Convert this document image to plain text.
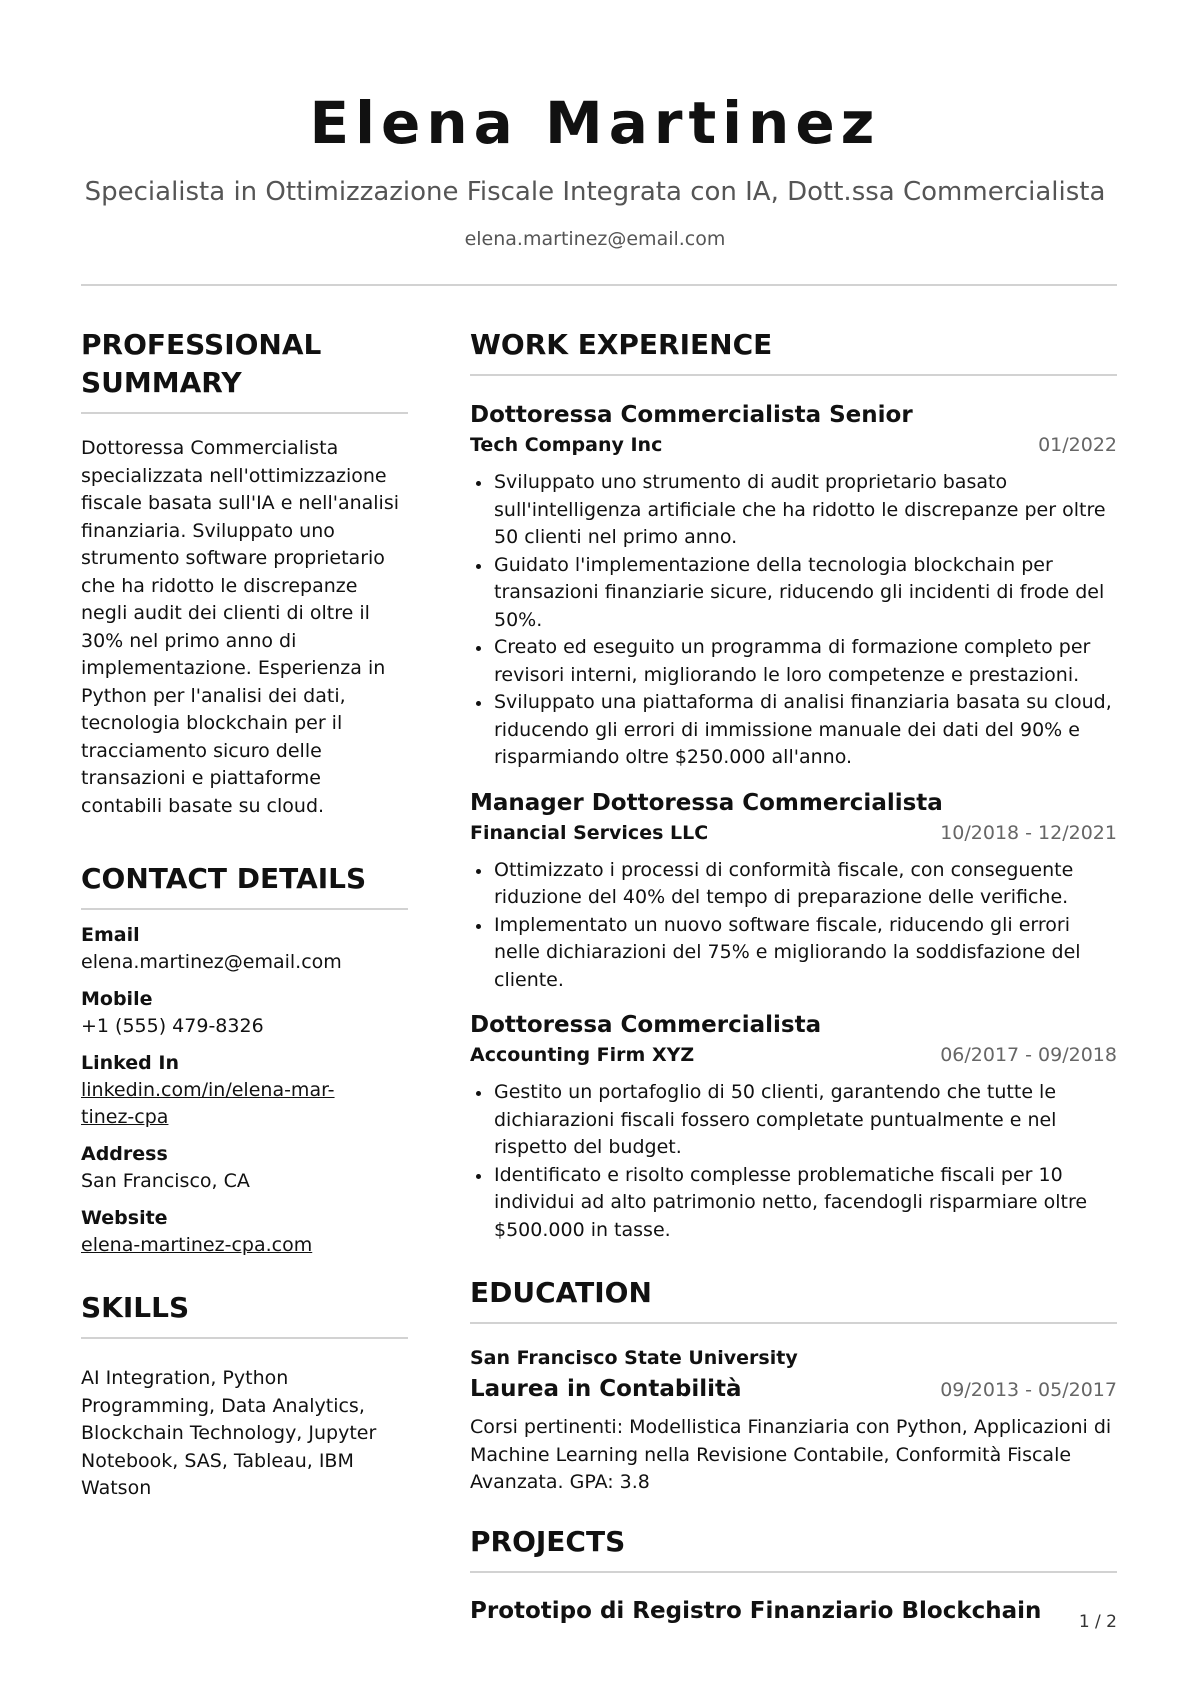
Elena Martinez
Specialista in Ottimizzazione Fiscale Integrata con IA, Dott.ssa Commercialista
elena.martinez@email.com
PROFESSIONAL SUMMARY
Dottoressa Commercialista specializzata nell'ottimizzazione fiscale basata sull'IA e nell'analisi finanziaria. Sviluppato uno strumento software proprietario che ha ridotto le discrepanze negli audit dei clienti di oltre il 30% nel primo anno di implementazione. Esperienza in Python per l'analisi dei dati, tecnologia blockchain per il tracciamento sicuro delle transazioni e piattaforme contabili basate su cloud.
CONTACT DETAILS
Email
elena.martinez@email.com
Mobile
+1 (555) 479-8326
Linked In
linkedin.com/in/elena-mar-tinez-cpa
Address
San Francisco, CA
Website
elena-martinez-cpa.com
SKILLS
AI Integration, Python Programming, Data Analytics, Blockchain Technology, Jupyter Notebook, SAS, Tableau, IBM Watson
WORK EXPERIENCE
Dottoressa Commercialista Senior
Tech Company Inc	01/2022
Sviluppato uno strumento di audit proprietario basato sull'intelligenza artificiale che ha ridotto le discrepanze per oltre 50 clienti nel primo anno.
Guidato l'implementazione della tecnologia blockchain per transazioni finanziarie sicure, riducendo gli incidenti di frode del 50%.
Creato ed eseguito un programma di formazione completo per revisori interni, migliorando le loro competenze e prestazioni.
Sviluppato una piattaforma di analisi finanziaria basata su cloud, riducendo gli errori di immissione manuale dei dati del 90% e risparmiando oltre $250.000 all'anno.
Manager Dottoressa Commercialista
Financial Services LLC	10/2018 - 12/2021
Ottimizzato i processi di conformità fiscale, con conseguente riduzione del 40% del tempo di preparazione delle verifiche.
Implementato un nuovo software fiscale, riducendo gli errori nelle dichiarazioni del 75% e migliorando la soddisfazione del cliente.
Dottoressa Commercialista
Accounting Firm XYZ	06/2017 - 09/2018
Gestito un portafoglio di 50 clienti, garantendo che tutte le dichiarazioni fiscali fossero completate puntualmente e nel rispetto del budget.
Identificato e risolto complesse problematiche fiscali per 10 individui ad alto patrimonio netto, facendogli risparmiare oltre $500.000 in tasse.
EDUCATION
San Francisco State University
Laurea in Contabilità	09/2013 - 05/2017
Corsi pertinenti: Modellistica Finanziaria con Python, Applicazioni di Machine Learning nella Revisione Contabile, Conformità Fiscale Avanzata. GPA: 3.8
PROJECTS
Prototipo di Registro Finanziario Blockchain	1 / 2
